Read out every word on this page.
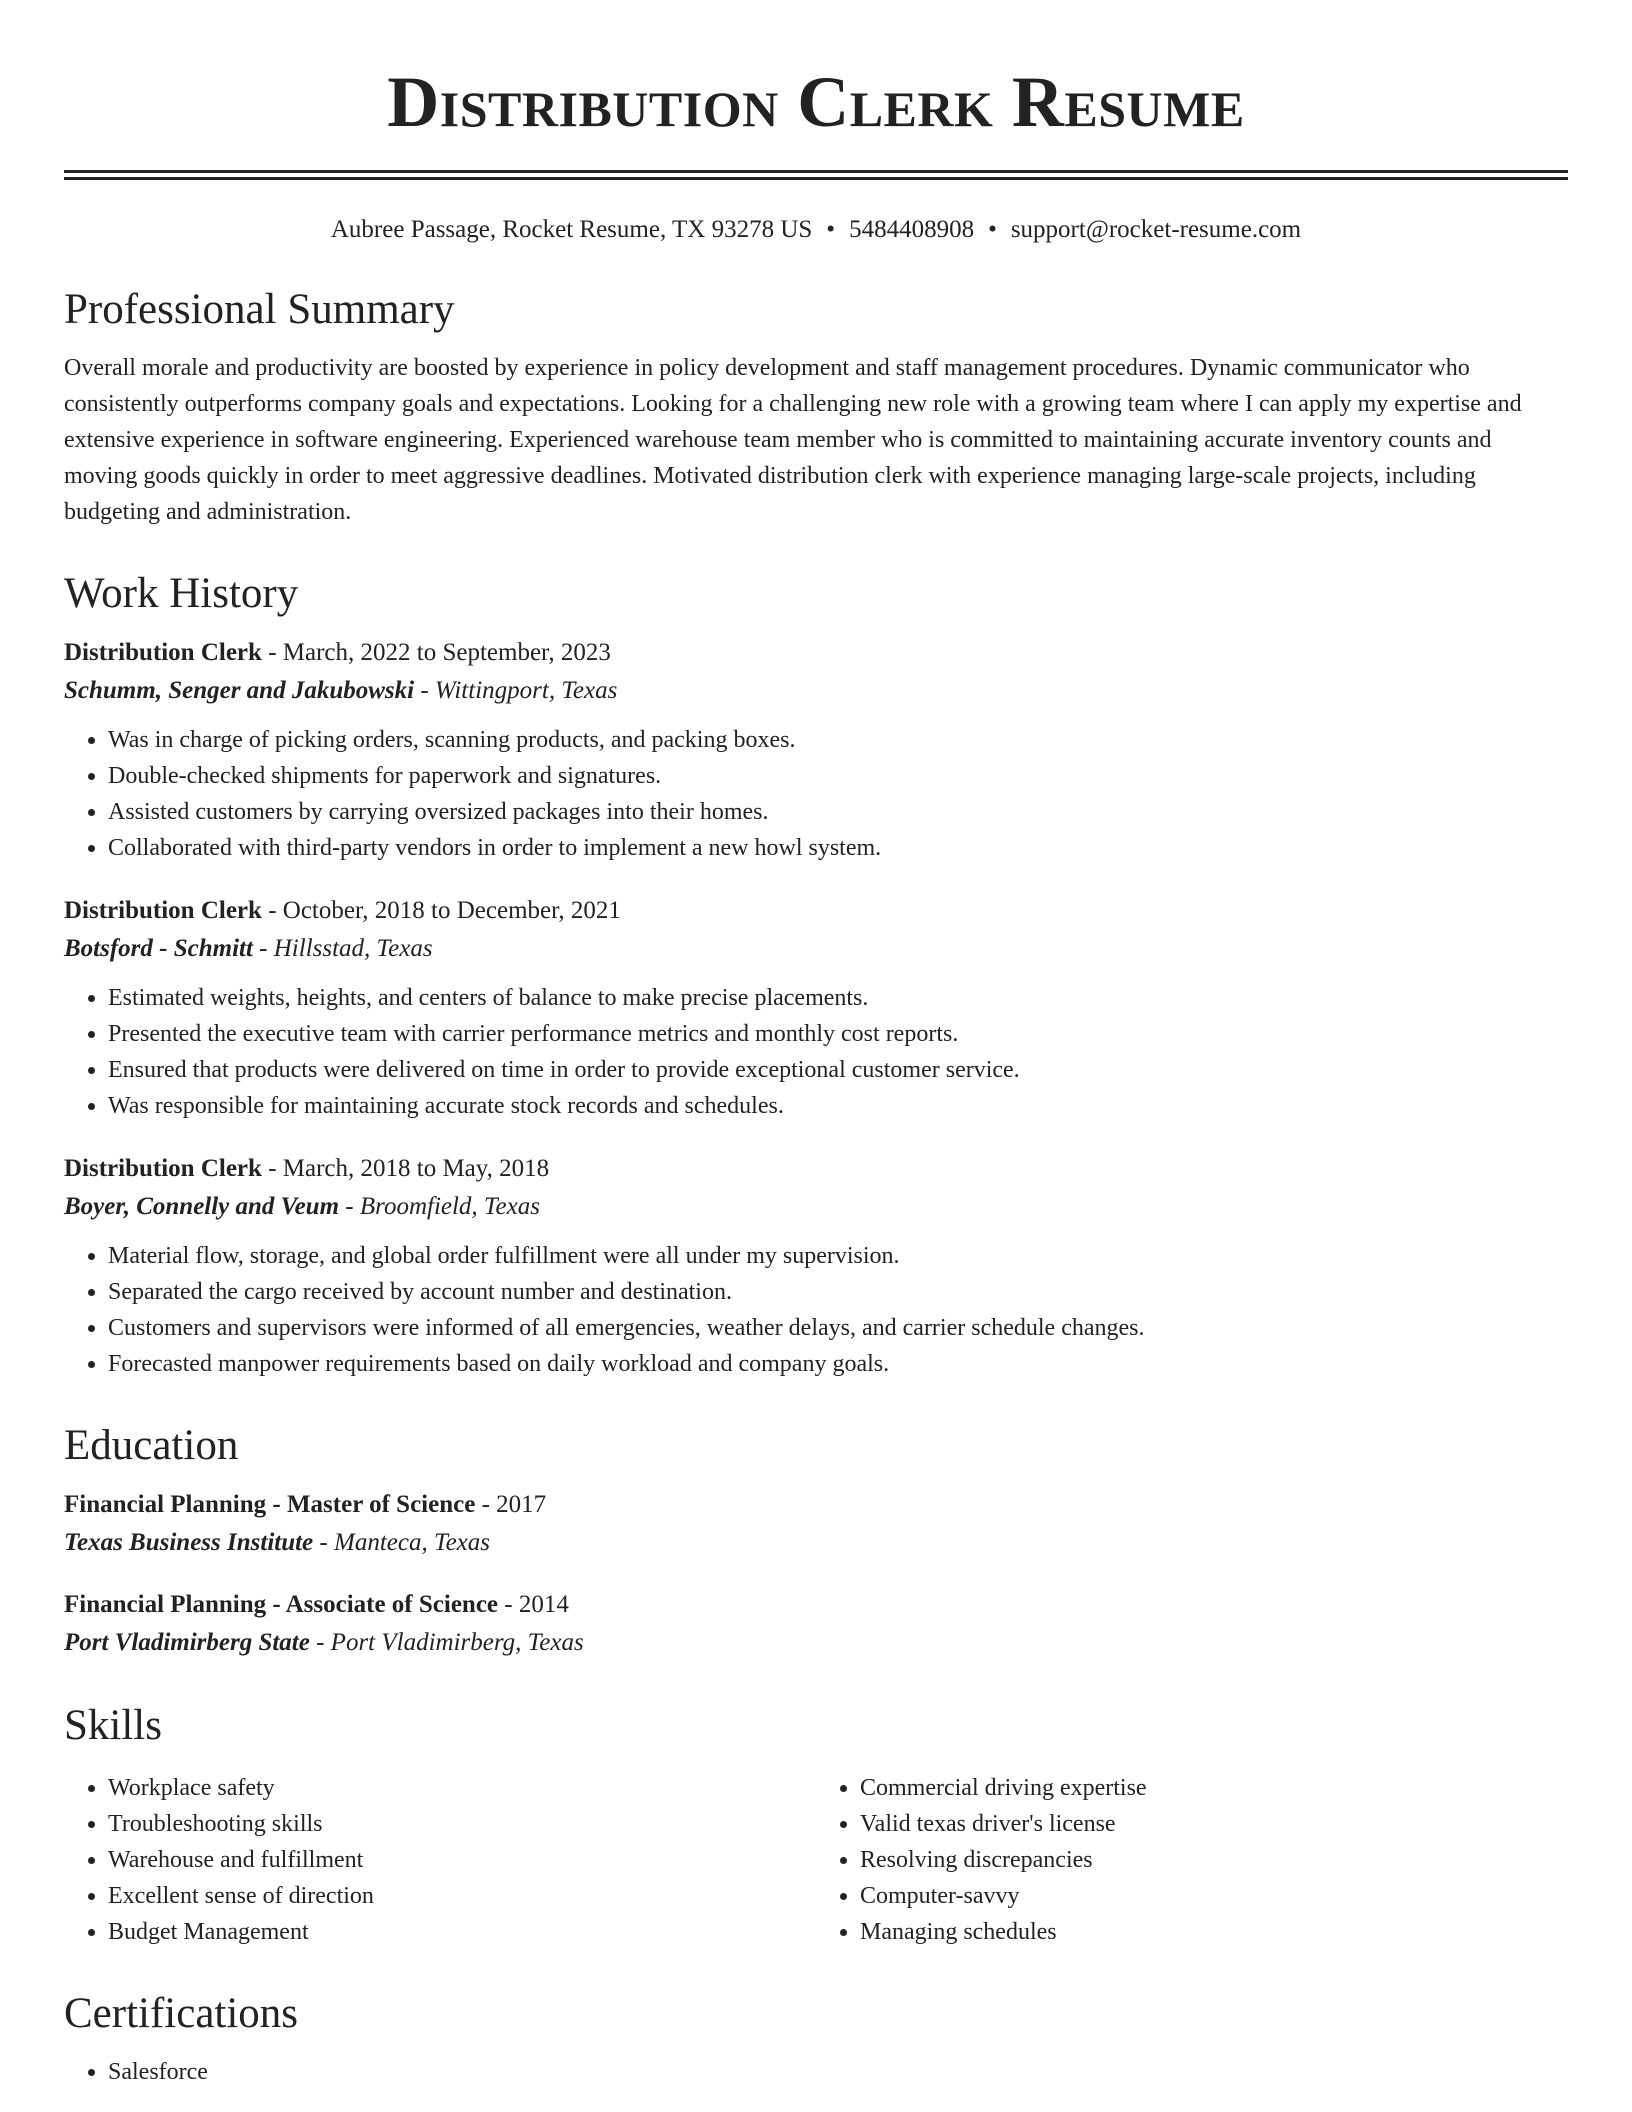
Distribution Clerk Resume
Aubree Passage, Rocket Resume, TX 93278 US • 5484408908 • support@rocket-resume.com
Professional Summary

Overall morale and productivity are boosted by experience in policy development and staff management procedures. Dynamic communicator who consistently outperforms company goals and expectations. Looking for a challenging new role with a growing team where I can apply my expertise and extensive experience in software engineering. Experienced warehouse team member who is committed to maintaining accurate inventory counts and moving goods quickly in order to meet aggressive deadlines. Motivated distribution clerk with experience managing large-scale projects, including budgeting and administration.

Work History

Distribution Clerk - March, 2022 to September, 2023

Schumm, Senger and Jakubowski - Wittingport, Texas

• Was in charge of picking orders, scanning products, and packing boxes.
• Double-checked shipments for paperwork and signatures.
• Assisted customers by carrying oversized packages into their homes.
• Collaborated with third-party vendors in order to implement a new howl system.

Distribution Clerk - October, 2018 to December, 2021

Botsford - Schmitt - Hillsstad, Texas

• Estimated weights, heights, and centers of balance to make precise placements.
• Presented the executive team with carrier performance metrics and monthly cost reports.
• Ensured that products were delivered on time in order to provide exceptional customer service.
• Was responsible for maintaining accurate stock records and schedules.

Distribution Clerk - March, 2018 to May, 2018

Boyer, Connelly and Veum - Broomfield, Texas

• Material flow, storage, and global order fulfillment were all under my supervision.
• Separated the cargo received by account number and destination.
• Customers and supervisors were informed of all emergencies, weather delays, and carrier schedule changes.
• Forecasted manpower requirements based on daily workload and company goals.
Education

Financial Planning - Master of Science - 2017

Texas Business Institute - Manteca, Texas

Financial Planning - Associate of Science - 2014

Port Vladimirberg State - Port Vladimirberg, Texas

Skills
• Workplace safety
• Troubleshooting skills
• Warehouse and fulfillment
• Excellent sense of direction
• Budget Management
• Commercial driving expertise
• Valid texas driver's license
• Resolving discrepancies
• Computer-savvy
• Managing schedules
Certifications
• Salesforce
